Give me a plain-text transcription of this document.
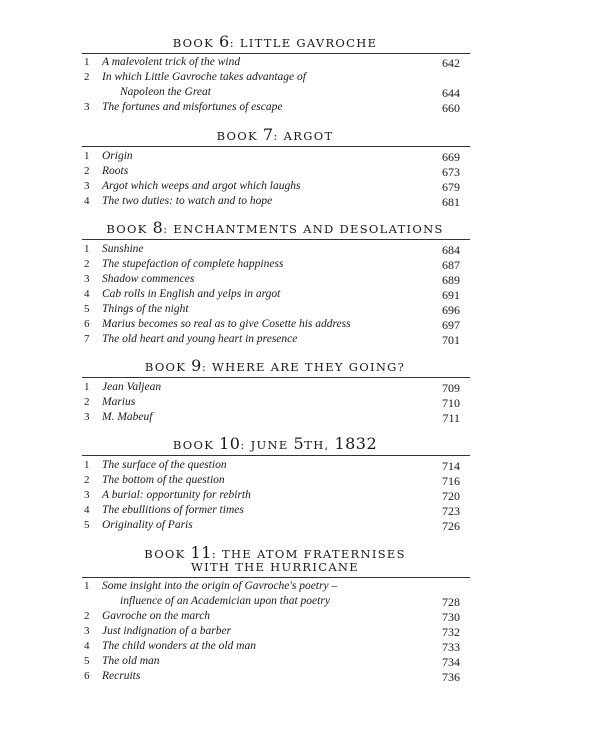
BOOK 6: LITTLE GAVROCHE
1	A malevolent trick of the wind	642
2	In which Little Gavroche takes advantage of
Napoleon the Great	644
3	The fortunes and misfortunes of escape	660
BOOK 7: ARGOT
1	Origin	669
2	Roots	673
3	Argot which weeps and argot which laughs	679
4	The two duties: to watch and to hope	681
BOOK 8: ENCHANTMENTS AND DESOLATIONS
1	Sunshine	684
2	The stupefaction of complete happiness	687
3	Shadow commences	689
4	Cab rolls in English and yelps in argot	691
5	Things of the night	696
6	Marius becomes so real as to give Cosette his address	697
7	The old heart and young heart in presence	701
BOOK 9: WHERE ARE THEY GOING?
1	Jean Valjean	709
2	Marius	710
3	M. Mabeuf	711
BOOK 10: JUNE 5TH, 1832
1	The surface of the question	714
2	The bottom of the question	716
3	A burial: opportunity for rebirth	720
4	The ebullitions of former times	723
5	Originality of Paris	726
BOOK 11: THE ATOM FRATERNISES
WITH THE HURRICANE
1	Some insight into the origin of Gavroche's poetry –
influence of an Academician upon that poetry	728
2	Gavroche on the march	730
3	Just indignation of a barber	732
4	The child wonders at the old man	733
5	The old man	734
6	Recruits	736
